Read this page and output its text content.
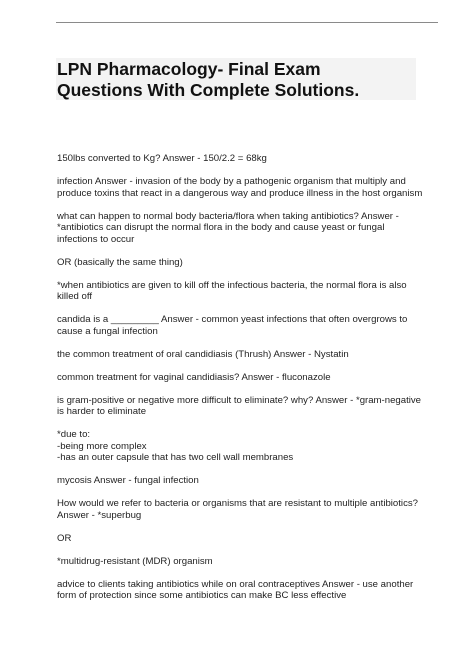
LPN Pharmacology- Final Exam
Questions With Complete Solutions.

150lbs converted to Kg? Answer - 150/2.2 = 68kg

infection Answer - invasion of the body by a pathogenic organism that multiply and produce toxins that react in a dangerous way and produce illness in the host organism

what can happen to normal body bacteria/flora when taking antibiotics? Answer - *antibiotics can disrupt the normal flora in the body and cause yeast or fungal infections to occur

OR (basically the same thing)

*when antibiotics are given to kill off the infectious bacteria, the normal flora is also killed off

candida is a _________ Answer - common yeast infections that often overgrows to cause a fungal infection

the common treatment of oral candidiasis (Thrush) Answer - Nystatin

common treatment for vaginal candidiasis? Answer - fluconazole

is gram-positive or negative more difficult to eliminate? why? Answer - *gram-negative is harder to eliminate

*due to:

-being more complex

-has an outer capsule that has two cell wall membranes

mycosis Answer - fungal infection

How would we refer to bacteria or organisms that are resistant to multiple antibiotics? Answer - *superbug

OR

*multidrug-resistant (MDR) organism

advice to clients taking antibiotics while on oral contraceptives Answer - use another form of protection since some antibiotics can make BC less effective
